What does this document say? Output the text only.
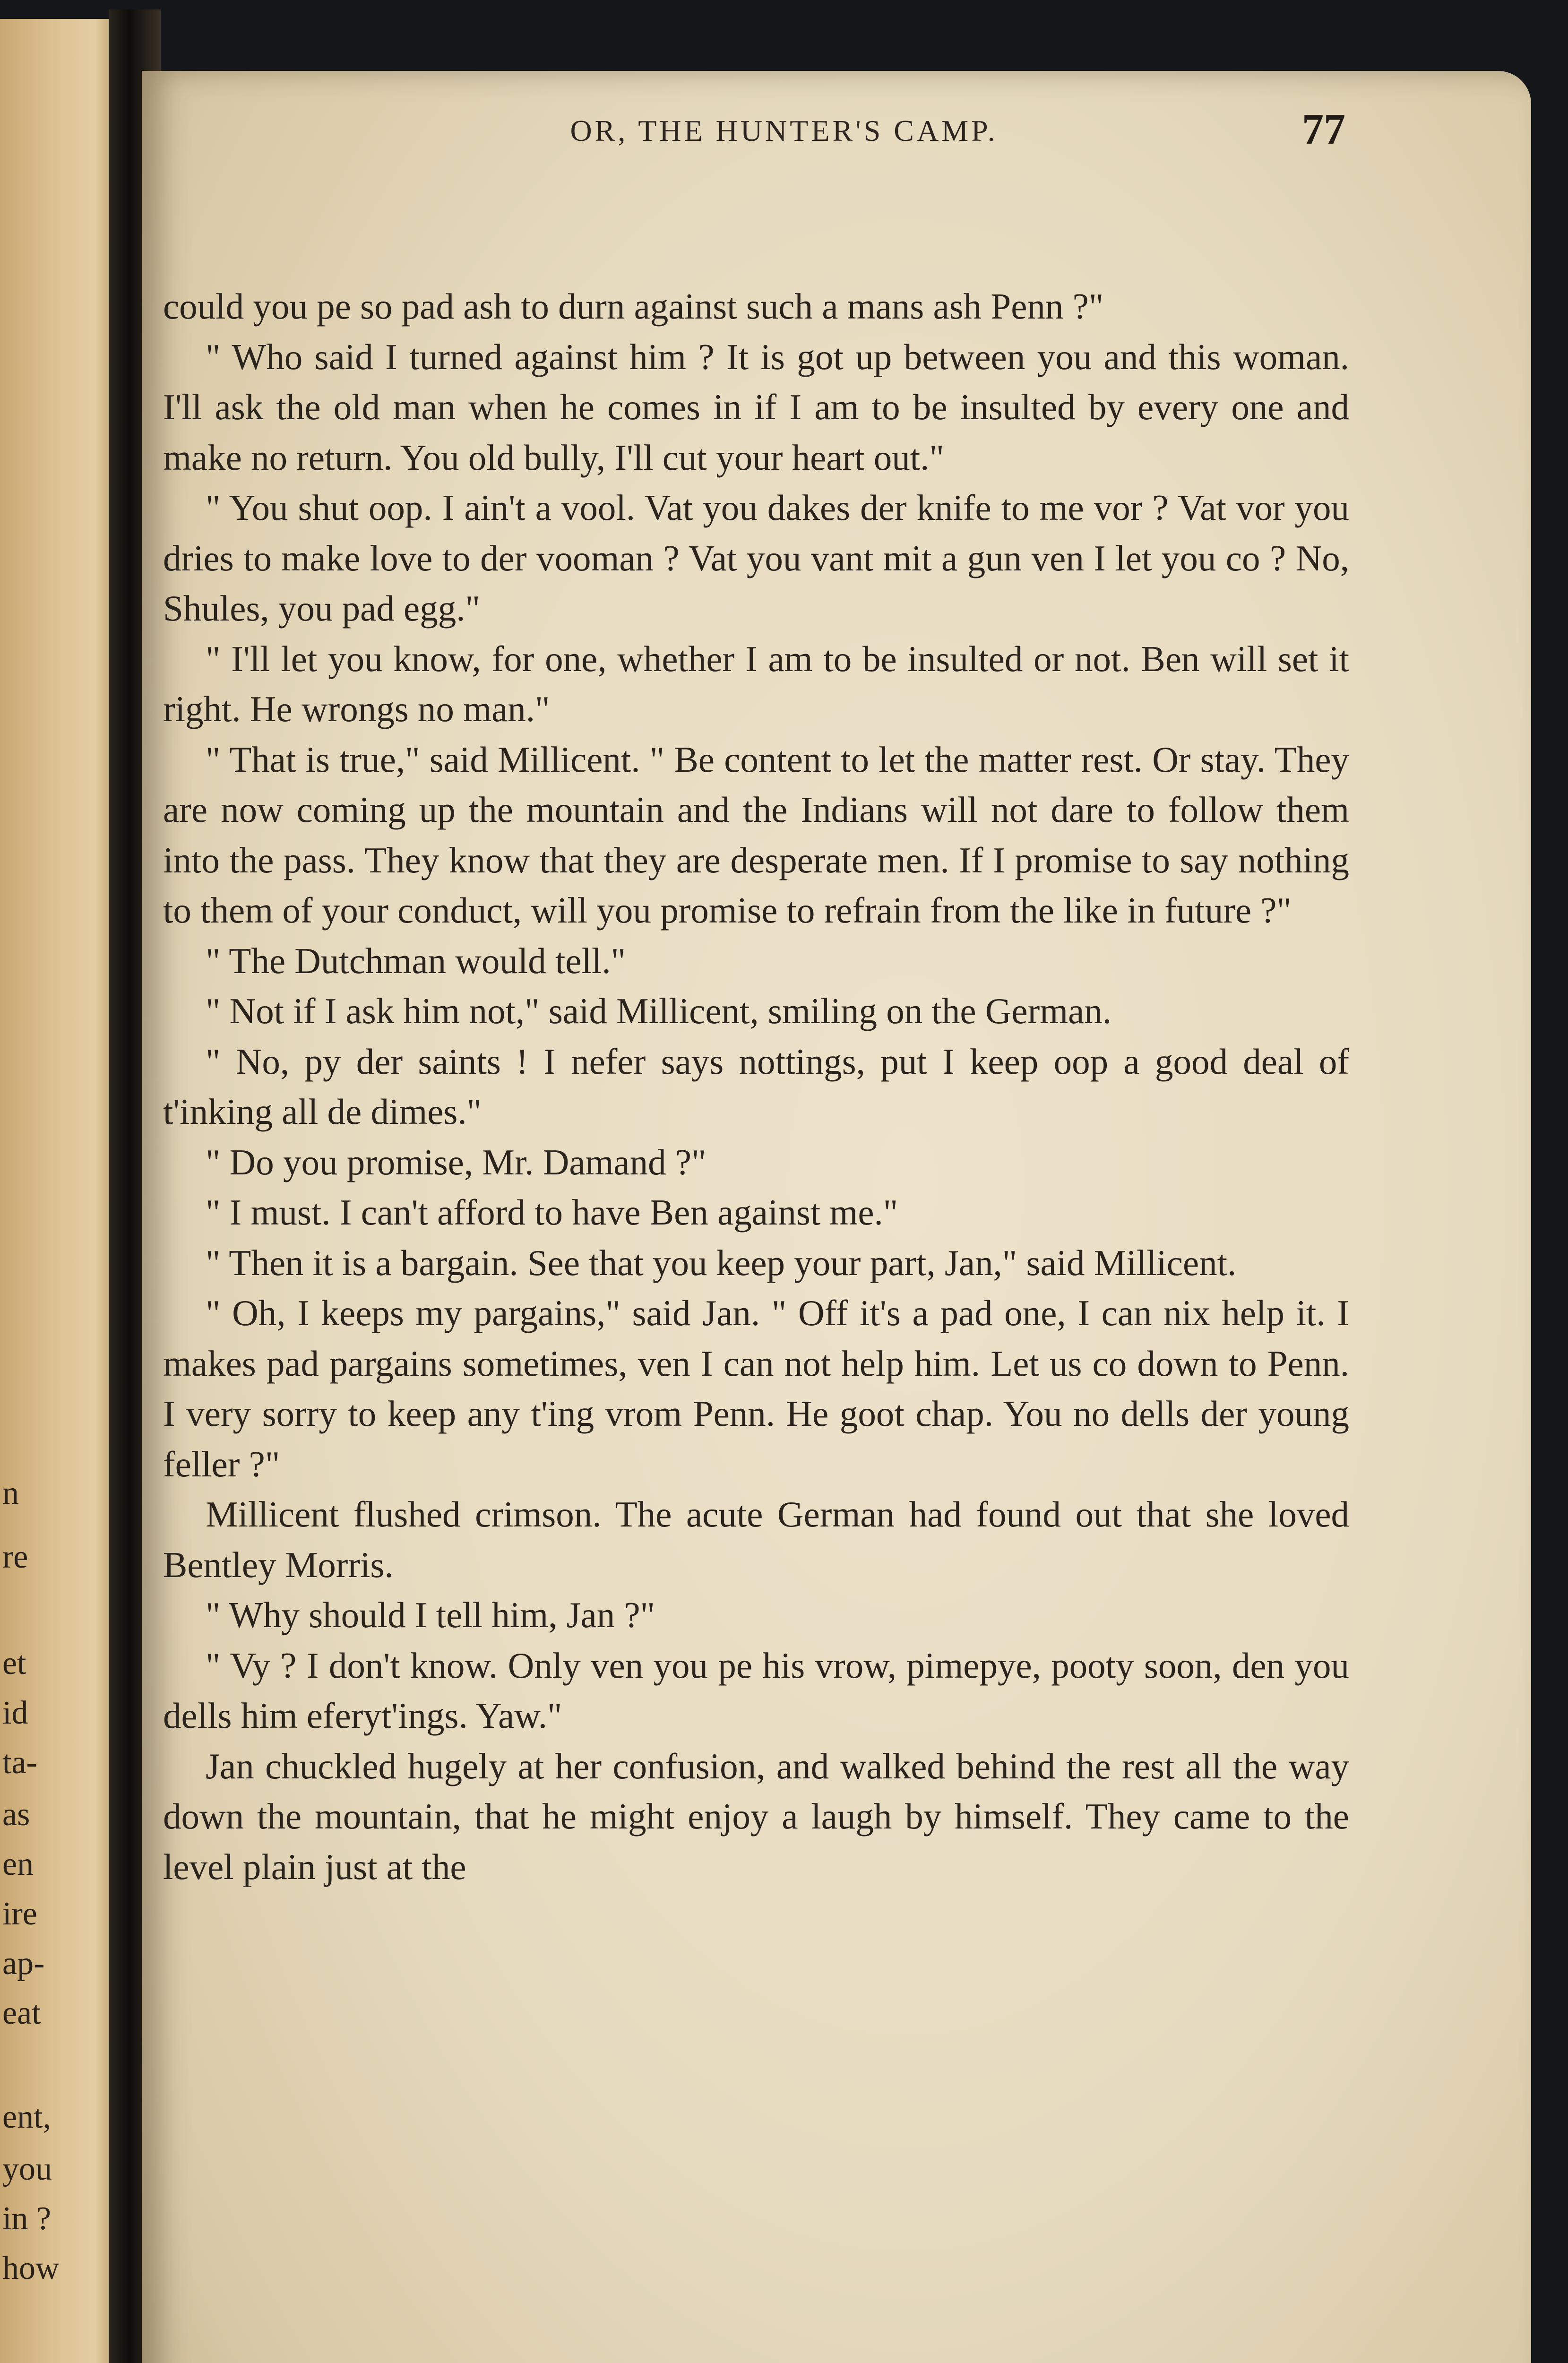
n
re
et
id
ta-
as
en
ire
ap-
eat
ent,
you
in ?
how
OR, THE HUNTER'S CAMP.	77

could you pe so pad ash to durn against such a mans ash Penn ?"

" Who said I turned against him ? It is got up between you and this woman. I'll ask the old man when he comes in if I am to be insulted by every one and make no return. You old bully, I'll cut your heart out."

" You shut oop. I ain't a vool. Vat you dakes der knife to me vor ? Vat vor you dries to make love to der vooman ? Vat you vant mit a gun ven I let you co ? No, Shules, you pad egg."

" I'll let you know, for one, whether I am to be insulted or not. Ben will set it right. He wrongs no man."

" That is true," said Millicent. " Be content to let the matter rest. Or stay. They are now coming up the mountain and the Indians will not dare to follow them into the pass. They know that they are desperate men. If I promise to say nothing to them of your conduct, will you promise to refrain from the like in future ?"

" The Dutchman would tell."

" Not if I ask him not," said Millicent, smiling on the German.

" No, py der saints ! I nefer says nottings, put I keep oop a good deal of t'inking all de dimes."

" Do you promise, Mr. Damand ?"

" I must. I can't afford to have Ben against me."

" Then it is a bargain. See that you keep your part, Jan," said Millicent.

" Oh, I keeps my pargains," said Jan. " Off it's a pad one, I can nix help it. I makes pad pargains sometimes, ven I can not help him. Let us co down to Penn. I very sorry to keep any t'ing vrom Penn. He goot chap. You no dells der young feller ?"

Millicent flushed crimson. The acute German had found out that she loved Bentley Morris.

" Why should I tell him, Jan ?"

" Vy ? I don't know. Only ven you pe his vrow, pimepye, pooty soon, den you dells him eferyt'ings. Yaw."

Jan chuckled hugely at her confusion, and walked behind the rest all the way down the mountain, that he might enjoy a laugh by himself. They came to the level plain just at the
